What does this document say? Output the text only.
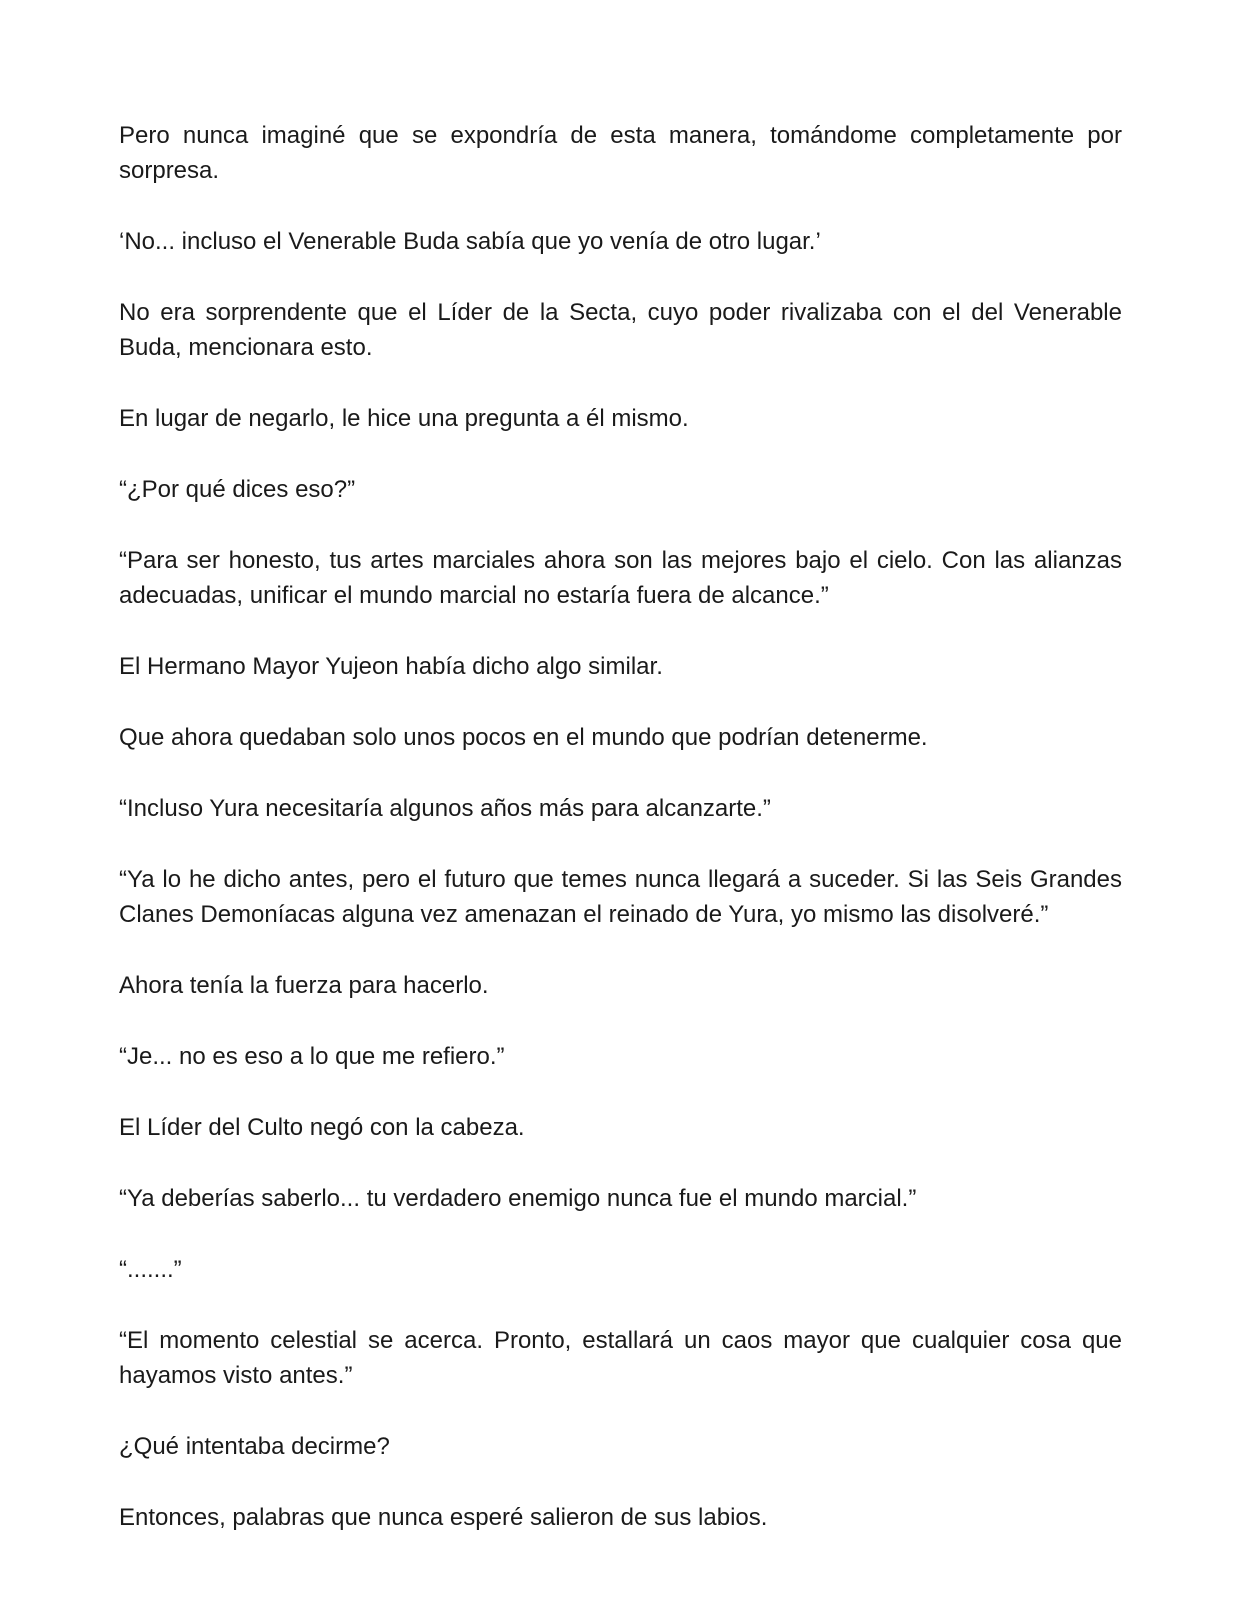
Pero nunca imaginé que se expondría de esta manera, tomándome completamente por sorpresa.

‘No... incluso el Venerable Buda sabía que yo venía de otro lugar.’

No era sorprendente que el Líder de la Secta, cuyo poder rivalizaba con el del Venerable Buda, mencionara esto.

En lugar de negarlo, le hice una pregunta a él mismo.

“¿Por qué dices eso?”

“Para ser honesto, tus artes marciales ahora son las mejores bajo el cielo. Con las alianzas adecuadas, unificar el mundo marcial no estaría fuera de alcance.”

El Hermano Mayor Yujeon había dicho algo similar.

Que ahora quedaban solo unos pocos en el mundo que podrían detenerme.

“Incluso Yura necesitaría algunos años más para alcanzarte.”

“Ya lo he dicho antes, pero el futuro que temes nunca llegará a suceder. Si las Seis Grandes Clanes Demoníacas alguna vez amenazan el reinado de Yura, yo mismo las disolveré.”

Ahora tenía la fuerza para hacerlo.

“Je... no es eso a lo que me refiero.”

El Líder del Culto negó con la cabeza.

“Ya deberías saberlo... tu verdadero enemigo nunca fue el mundo marcial.”

“.......”

“El momento celestial se acerca. Pronto, estallará un caos mayor que cualquier cosa que hayamos visto antes.”

¿Qué intentaba decirme?

Entonces, palabras que nunca esperé salieron de sus labios.
